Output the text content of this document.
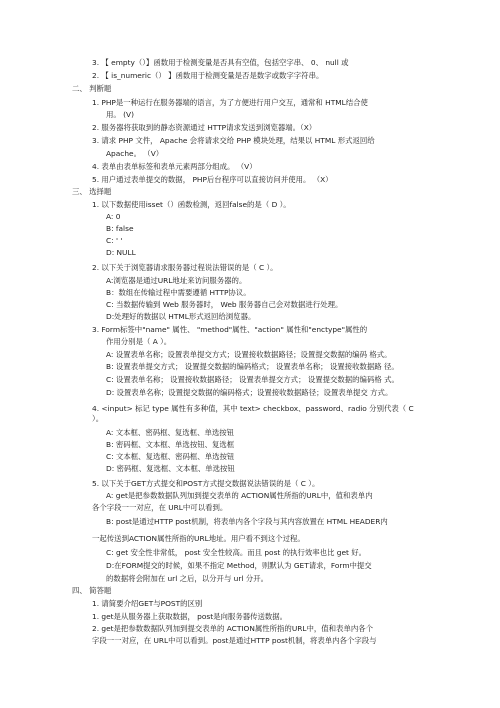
3. 【 empty（）】函数用于检测变量是否具有空值，包括空字串、 0、 null 或
2. 【 is_numeric（） 】函数用于检测变量是否是数字或数字字符串。
二、 判断题
1. PHP是一种运行在服务器端的语言，为了方便进行用户交互，通常和 HTML结合使
用。 (V)
2. 服务器将获取到的静态资源通过 HTTP请求发送到浏览器端。（X）
3. 请求 PHP 文件， Apache 会将请求交给 PHP 模块处理，结果以 HTML 形式返回给
Apache。 （V）
4. 表单由表单标签和表单元素两部分组成。 （V）
5. 用户通过表单提交的数据， PHP后台程序可以直接访问并使用。 （X）
三、 选择题
1. 以下数据使用isset（）函数检测，返回false的是（ D ）。
A: 0
B: false
C: ' '
D: NULL
2. 以下关于浏览器请求服务器过程说法错误的是（ C ）。
A:浏览器是通过URL地址来访问服务器的。
B：数组在传输过程中需要遵循 HTTP协议。
C: 当数据传输到 Web 服务器时， Web 服务器自己会对数据进行处理。
D:处理好的数据以 HTML形式返回给浏览器。
3. Form标签中"name" 属性、 "method"属性、"action" 属性和"enctype"属性的
作用分别是（ A ）。
A: 设置表单名称；设置表单提交方式；设置接收数据路径；设置提交数据的编码 格式。
B: 设置表单提交方式； 设置提交数据的编码格式； 设置表单名称； 设置接收数据路 径。
C: 设置表单名称； 设置接收数据路径； 设置表单提交方式； 设置提交数据的编码格 式。
D: 设置表单名称；设置提交数据的编码格式；设置接收数据路径；设置表单提交 方式。
4. <input> 标记 type 属性有多种值，其中 text> checkbox、password、radio 分别代表（ C
）。
A: 文本框、密码框、复选框、单选按钮
B: 密码框、文本框、单选按钮、复选框
C: 文本框、复选框、密码框、单选按钮
D: 密码框、复选框、文本框、单选按钮
5. 以下关于GET方式提交和POST方式提交数据说法错误的是（ C ）。
A: get是把参数数据队列加到提交表单的 ACTION属性所指的URL中，值和表单内
各个字段一一对应，在 URL中可以看到。
B: post是通过HTTP post机制，将表单内各个字段与其内容放置在 HTML HEADER内
一起传送到ACTION属性所指的URL地址。用户看不到这个过程。
C: get 安全性非常低， post 安全性较高。而且 post 的执行效率也比 get 好。
D:在FORM提交的时候，如果不指定 Method，则默认为 GET请求，Form中提交
的数据将会附加在 url 之后，以分开与 url 分开。
四、 简答题
1. 请简要介绍GET与POST的区别
1. get是从服务器上获取数据， post是向服务器传送数据。
2. get是把参数数据队列加到提交表单的 ACTION属性所指的URL中，值和表单内各个
字段一一对应，在 URL中可以看到。post是通过HTTP post机制，将表单内各个字段与
